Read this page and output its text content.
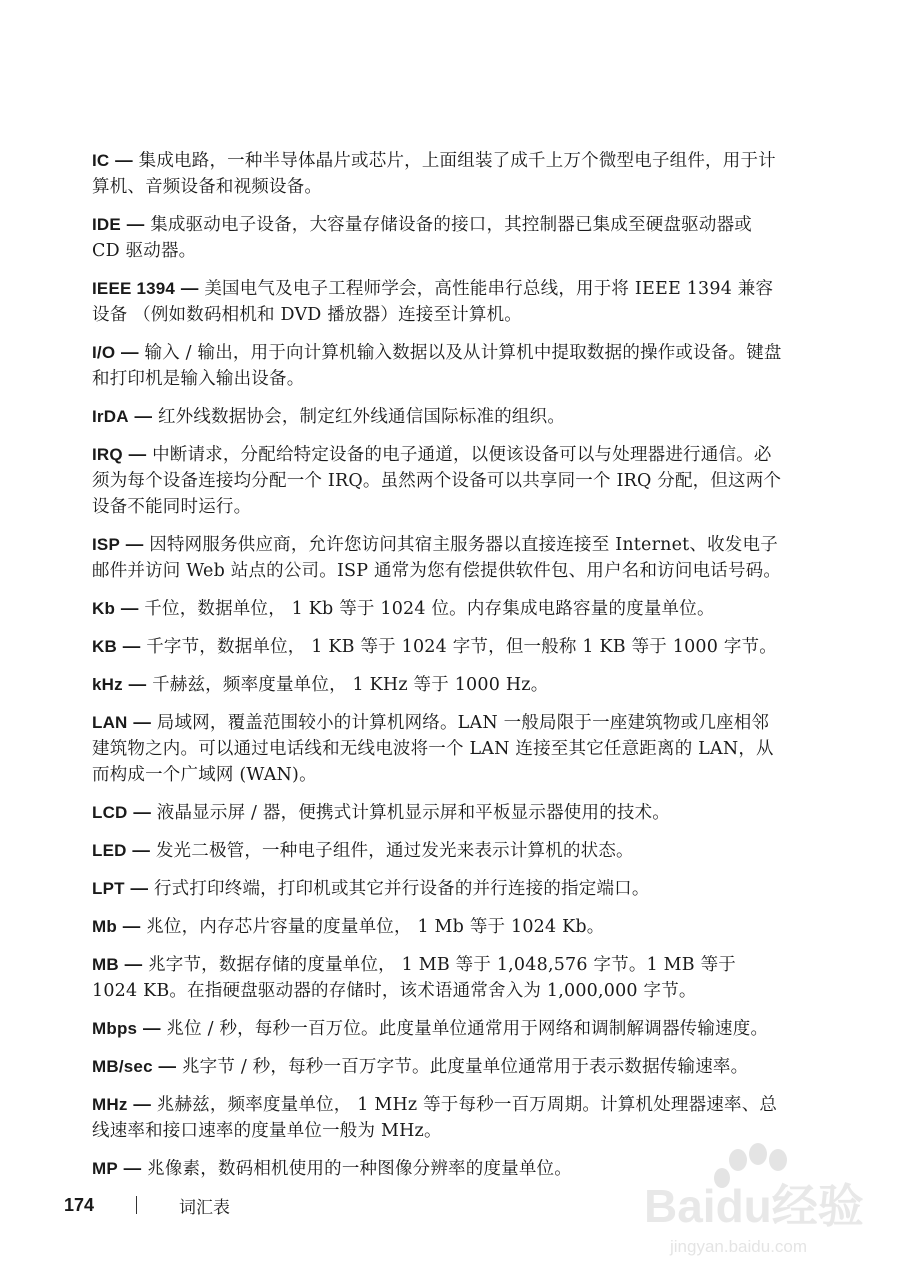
IC — 集成电路，一种半导体晶片或芯片，上面组装了成千上万个微型电子组件，用于计算机、音频设备和视频设备。

IDE — 集成驱动电子设备，大容量存储设备的接口，其控制器已集成至硬盘驱动器或 CD 驱动器。

IEEE 1394 — 美国电气及电子工程师学会，高性能串行总线，用于将 IEEE 1394 兼容设备 （例如数码相机和 DVD 播放器）连接至计算机。

I/O — 输入 / 输出，用于向计算机输入数据以及从计算机中提取数据的操作或设备。键盘和打印机是输入输出设备。

IrDA — 红外线数据协会，制定红外线通信国际标准的组织。

IRQ — 中断请求，分配给特定设备的电子通道，以便该设备可以与处理器进行通信。必须为每个设备连接均分配一个 IRQ。虽然两个设备可以共享同一个 IRQ 分配，但这两个设备不能同时运行。

ISP — 因特网服务供应商，允许您访问其宿主服务器以直接连接至 Internet、收发电子邮件并访问 Web 站点的公司。ISP 通常为您有偿提供软件包、用户名和访问电话号码。

Kb — 千位，数据单位， 1 Kb 等于 1024 位。内存集成电路容量的度量单位。

KB — 千字节，数据单位， 1 KB 等于 1024 字节，但一般称 1 KB 等于 1000 字节。

kHz — 千赫兹，频率度量单位， 1 KHz 等于 1000 Hz。

LAN — 局域网，覆盖范围较小的计算机网络。LAN 一般局限于一座建筑物或几座相邻建筑物之内。可以通过电话线和无线电波将一个 LAN 连接至其它任意距离的 LAN，从而构成一个广域网 (WAN)。

LCD — 液晶显示屏 / 器，便携式计算机显示屏和平板显示器使用的技术。

LED — 发光二极管，一种电子组件，通过发光来表示计算机的状态。

LPT — 行式打印终端，打印机或其它并行设备的并行连接的指定端口。

Mb — 兆位，内存芯片容量的度量单位， 1 Mb 等于 1024 Kb。

MB — 兆字节，数据存储的度量单位， 1 MB 等于 1,048,576 字节。1 MB 等于 1024 KB。在指硬盘驱动器的存储时，该术语通常舍入为 1,000,000 字节。

Mbps — 兆位 / 秒，每秒一百万位。此度量单位通常用于网络和调制解调器传输速度。

MB/sec — 兆字节 / 秒，每秒一百万字节。此度量单位通常用于表示数据传输速率。

MHz — 兆赫兹，频率度量单位， 1 MHz 等于每秒一百万周期。计算机处理器速率、总线速率和接口速率的度量单位一般为 MHz。

MP — 兆像素，数码相机使用的一种图像分辨率的度量单位。

174	词汇表	Baidu经验
jingyan.baidu.com
